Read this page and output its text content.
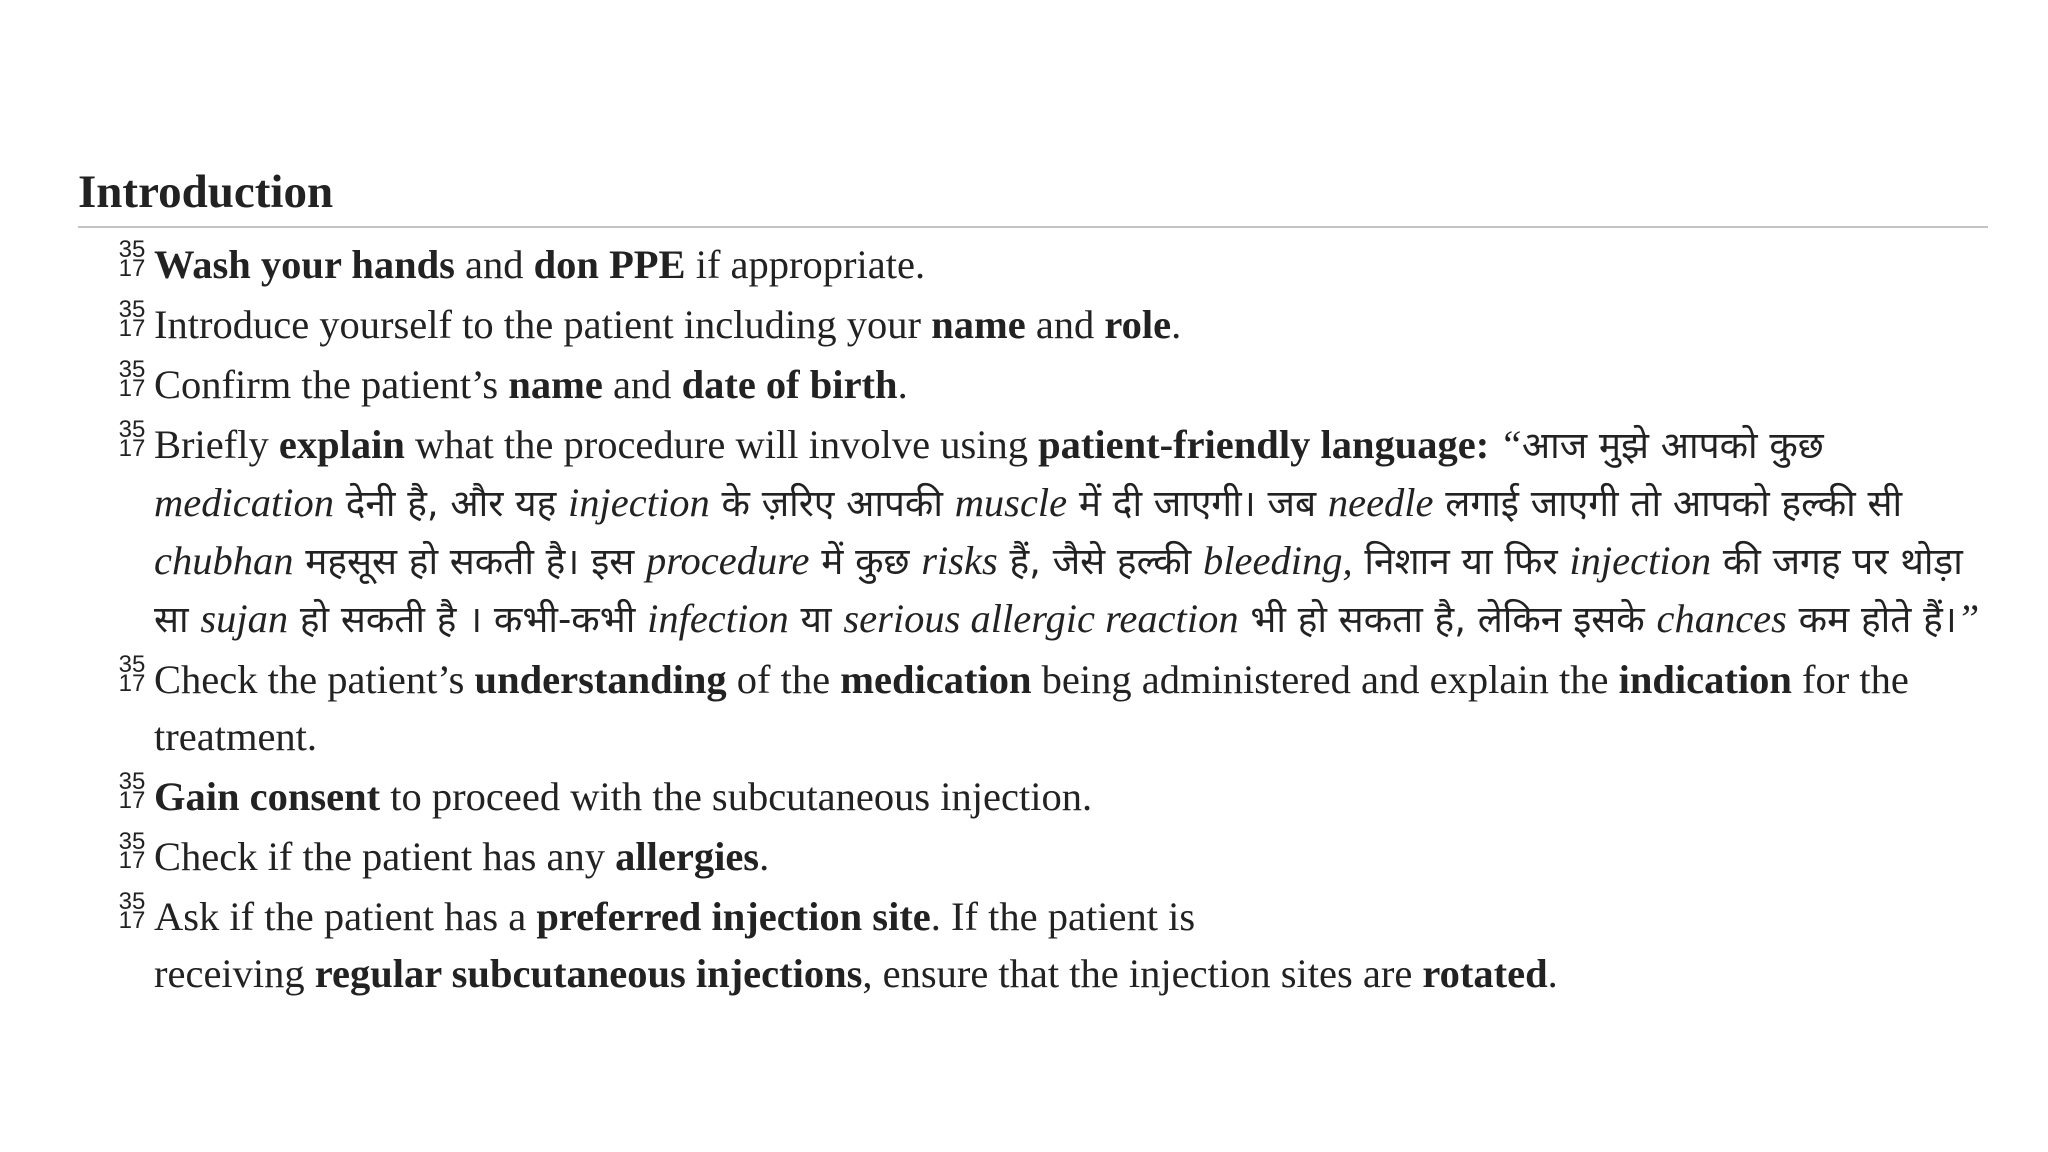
Introduction
35
17 Wash your hands and don PPE if appropriate.
35
17 Introduce yourself to the patient including your name and role.
35
17 Confirm the patient’s name and date of birth.
35
17 Briefly explain what the procedure will involve using patient-friendly language: “आज मुझे आपको कुछ medication देनी है, और यह injection के ज़रिए आपकी muscle में दी जाएगी। जब needle लगाई जाएगी तो आपको हल्की सी chubhan महसूस हो सकती है। इस procedure में कुछ risks हैं, जैसे हल्की bleeding, निशान या फिर injection की जगह पर थोड़ा सा sujan हो सकती है । कभी-कभी infection या serious allergic reaction भी हो सकता है, लेकिन इसके chances कम होते हैं।”
35
17 Check the patient’s understanding of the medication being administered and explain the indication for the treatment.
35
17 Gain consent to proceed with the subcutaneous injection.
35
17 Check if the patient has any allergies.
35
17 Ask if the patient has a preferred injection site. If the patient is
receiving regular subcutaneous injections, ensure that the injection sites are rotated.
